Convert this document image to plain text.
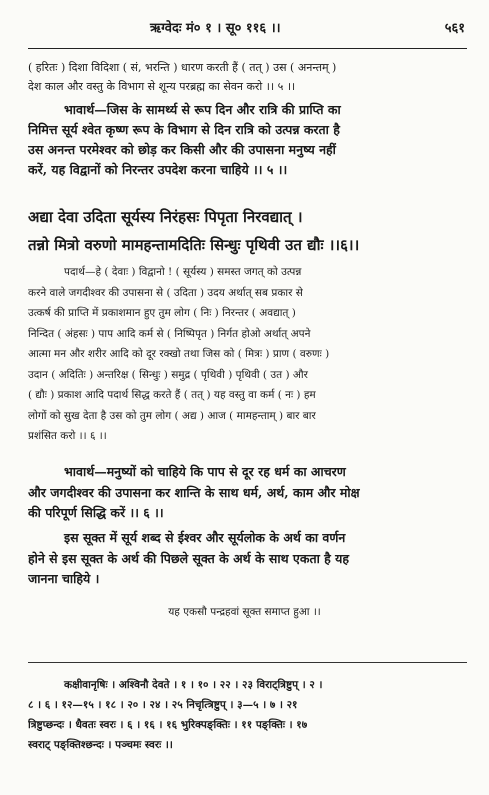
ऋग्वेदः मं० १ । सू० ११६ ।।	५६१
( हरितः ) दिशा विदिशा ( सं, भरन्ति ) धारण करती हैं ( तत् ) उस ( अनन्तम् )
देश काल और वस्तु के विभाग से शून्य परब्रह्म का सेवन करो ।। ५ ।।
भावार्थ—जिस के सामर्थ्य से रूप दिन और रात्रि की प्राप्ति का
निमित्त सूर्य श्वेत कृष्ण रूप के विभाग से दिन रात्रि को उत्पन्न करता है
उस अनन्त परमेश्वर को छोड़ कर किसी और की उपासना मनुष्य नहीं
करें, यह विद्वानों को निरन्तर उपदेश करना चाहिये ।। ५ ।।
अद्या देवा उदिता सूर्यस्य निरंहसः पिपृता निरवद्यात् ।
तन्नो मित्रो वरुणो मामहन्तामदितिः सिन्धुः पृथिवी उत द्यौः ।।६।।
पदार्थ—हे ( देवाः ) विद्वानो ! ( सूर्यस्य ) समस्त जगत् को उत्पन्न
करने वाले जगदीश्वर की उपासना से ( उदिता ) उदय अर्थात् सब प्रकार से
उत्कर्ष की प्राप्ति में प्रकाशमान हुए तुम लोग ( निः ) निरन्तर ( अवद्यात् )
निन्दित ( अंहसः ) पाप आदि कर्म से ( निष्पिपृत ) निर्गत होओ अर्थात् अपने
आत्मा मन और शरीर आदि को दूर रक्खो तथा जिस को ( मित्रः ) प्राण ( वरुणः )
उदान ( अदितिः ) अन्तरिक्ष ( सिन्धुः ) समुद्र ( पृथिवी ) पृथिवी ( उत ) और
( द्यौः ) प्रकाश आदि पदार्थ सिद्ध करते हैं ( तत् ) यह वस्तु वा कर्म ( नः ) हम
लोगों को सुख देता है उस को तुम लोग ( अद्य ) आज ( मामहन्ताम् ) बार बार
प्रशंसित करो ।। ६ ।।
भावार्थ—मनुष्यों को चाहिये कि पाप से दूर रह धर्म का आचरण
और जगदीश्वर की उपासना कर शान्ति के साथ धर्म, अर्थ, काम और मोक्ष
की परिपूर्ण सिद्धि करें ।। ६ ।।
इस सूक्त में सूर्य शब्द से ईश्वर और सूर्यलोक के अर्थ का वर्णन
होने से इस सूक्त के अर्थ की पिछले सूक्त के अर्थ के साथ एकता है यह
जानना चाहिये ।
यह एकसौ पन्द्रहवां सूक्त समाप्त हुआ ।।
कक्षीवानृषिः । अश्विनौ देवते । १ । १० । २२ । २३ विराट्त्रिष्टुप् । २ ।
८ । ६ । १२—१५ । १८ । २० । २४ । २५ निचृत्त्रिष्टुप् । ३—५ । ७ । २१
त्रिष्टुप्छन्दः । धैवतः स्वरः । ६ । १६ । १६ भुरिक्पङ्क्तिः । ११ पङ्क्तिः । १७
स्वराट् पङ्क्तिश्छन्दः । पञ्चमः स्वरः ।।
